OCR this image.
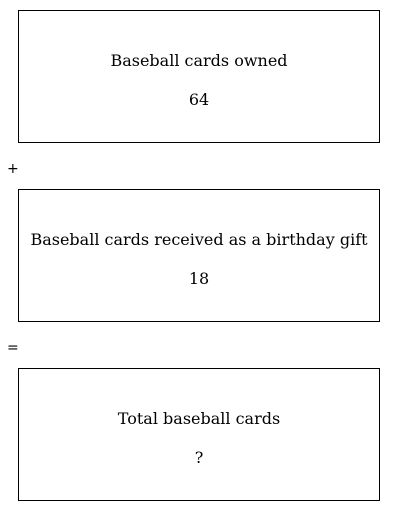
Baseball cards owned
64
+
Baseball cards received as a birthday gift
18
=
Total baseball cards
?
